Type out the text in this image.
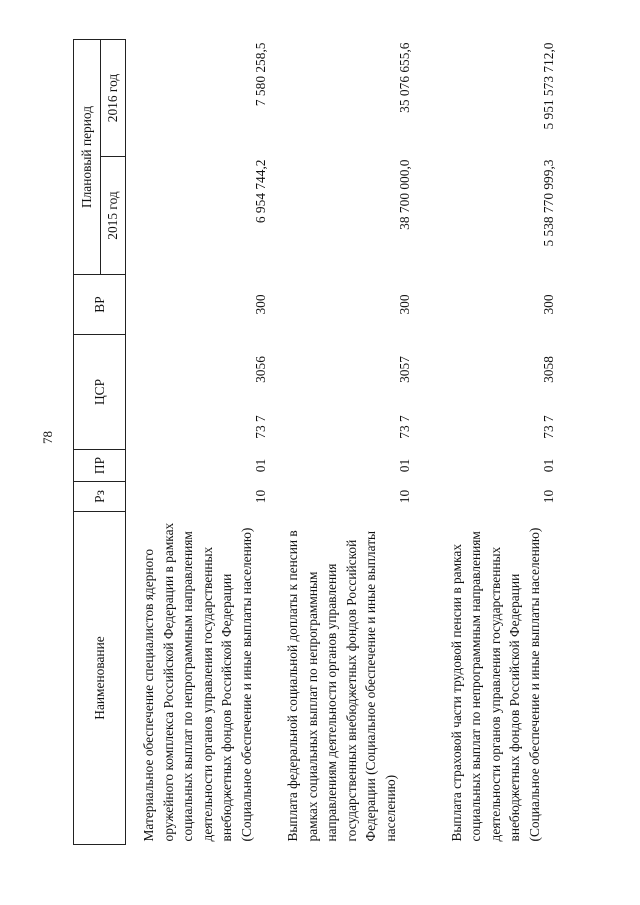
78
Наименование	Рз	ПР	ЦСР		ВР	Плановый период	
						2015 год	2016 год
Материальное обеспечение специалистов ядерного оружейного комплекса Российской Федерации в рамках социальных выплат по непрограммным направлениям деятельности органов управления государственных внебюджетных фондов Российской Федерации (Социальное обеспечение и иные выплаты населению)	10	01	73 7	3056	300	6 954 744,2	7 580 258,5
Выплата федеральной социальной доплаты к пенсии в рамках социальных выплат по непрограммным направлениям деятельности органов управления государственных внебюджетных фондов Российской Федерации (Социальное обеспечение и иные выплаты населению)	10	01	73 7	3057	300	38 700 000,0	35 076 655,6
Выплата страховой части трудовой пенсии в рамках социальных выплат по непрограммным направлениям деятельности органов управления государственных внебюджетных фондов Российской Федерации (Социальное обеспечение и иные выплаты населению)	10	01	73 7	3058	300	5 538 770 999,3	5 951 573 712,0
